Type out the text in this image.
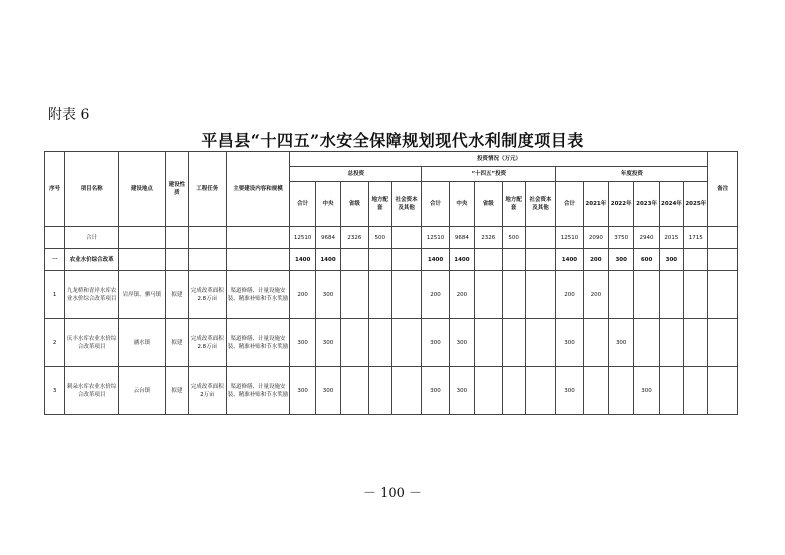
附表 6
平昌县“十四五”水安全保障规划现代水利制度项目表
序号	项目名称	建设地点	建设性质	工程任务	主要建设内容和规模	投资情况（万元）																备注
						总投资					“十四五”投资					年度投资						
						合计	中央	省级	地方配套	社会资本及其他	合计	中央	省级	地方配套	社会资本及其他	合计	2021年	2022年	2023年	2024年	2025年	
	合计					12510	9684	2326	500		12510	9684	2326	500		12510	2090	3750	2940	2015	1715	
一	农业水价综合改革					1400	1400				1400	1400				1400	200	300	600	300		
1	九龙桥和青岸水库农业水价综合改革项目	岩岸镇、驷马镇	拟建	完成改革面积2.8万亩	渠道修缮、计量设施安装、精准补贴和节水奖励	200	300				200	200				200	200					
2	庆丰水库农业水价综合改革项目	涵水镇	拟建	完成改革面积2.8万亩	渠道修缮、计量设施安装、精准补贴和节水奖励	300	300				300	300				300		300				
3	刺朵水库农业水价综合改革项目	云台镇	拟建	完成改革面积2万亩	渠道修缮、计量设施安装、精准补贴和节水奖励	300	300				300	300				300			300			
－ 100 －
